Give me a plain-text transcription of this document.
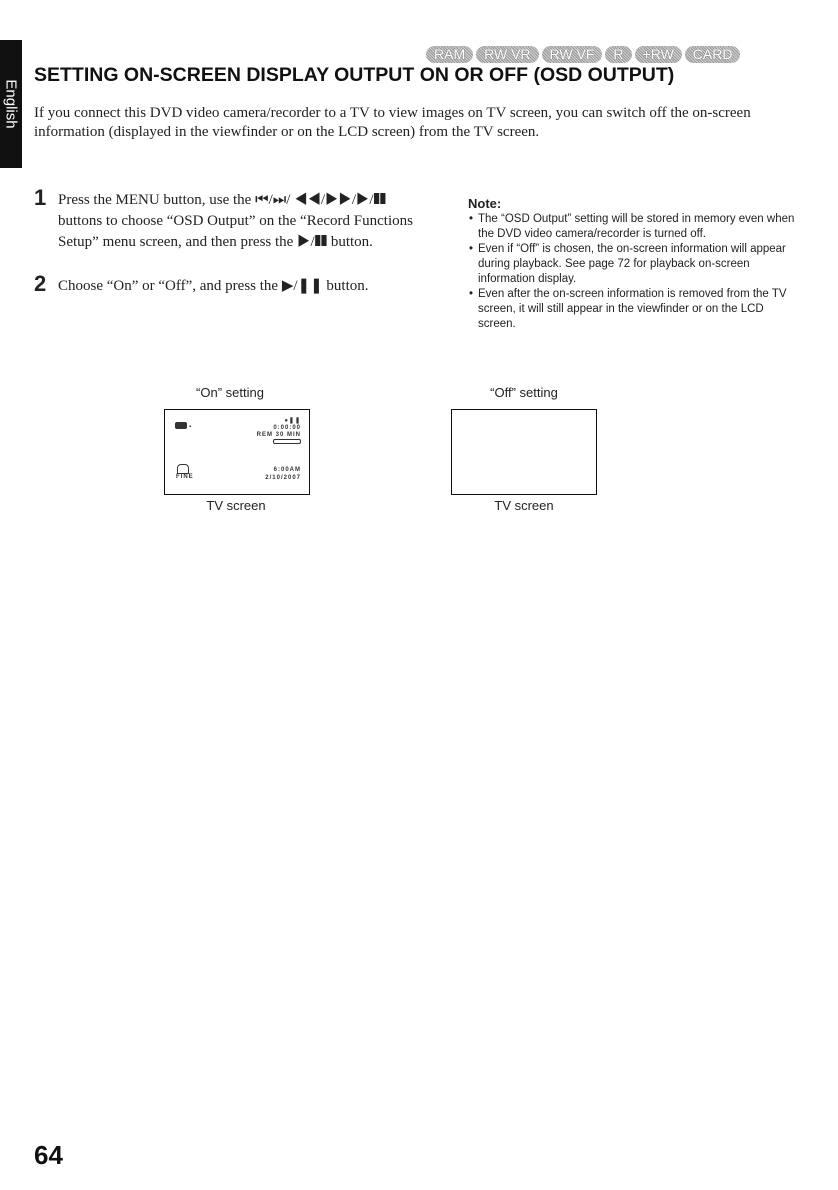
English
RAM	RW VR	RW VF	R	+RW	CARD
SETTING ON-SCREEN DISPLAY OUTPUT ON OR OFF (OSD OUTPUT)
If you connect this DVD video camera/recorder to a TV to view images on TV screen, you can switch off the on-screen information (displayed in the viewfinder or on the LCD screen) from the TV screen.
1 Press the MENU button, use the ⏮/⏭/ ◀◀/▶▶/▶/❚❚ buttons to choose “OSD Output” on the “Record Functions Setup” menu screen, and then press the ▶/❚❚ button.
2 Choose “On” or “Off”, and press the ▶/❚❚ button.
Note:
• The “OSD Output” setting will be stored in memory even when the DVD video camera/recorder is turned off.
• Even if “Off” is chosen, the on-screen information will appear during playback. See page 72 for playback on-screen information display.
• Even after the on-screen information is removed from the TV screen, it will still appear in the viewfinder or on the LCD screen.
“On” setting
▪
●❚❚
0:00:00
REM 30 MIN
FINE
6:00AM
2/10/2007
TV screen
“Off” setting
TV screen
64
